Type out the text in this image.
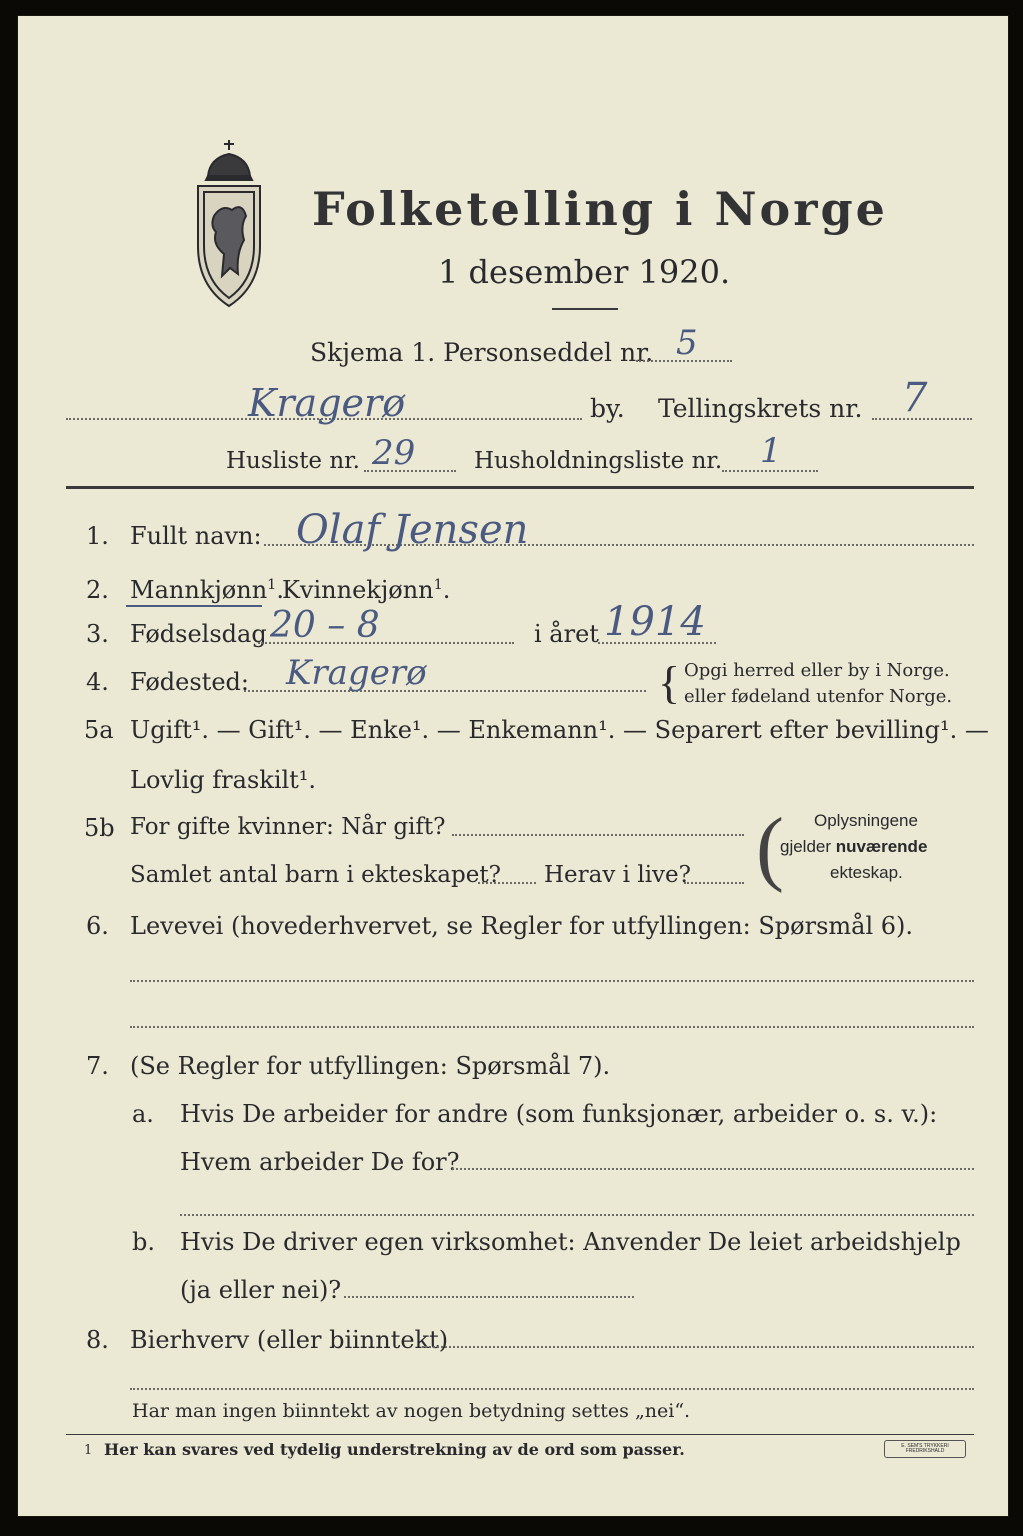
Folketelling i Norge
1 desember 1920.
Skjema 1. Personseddel nr. 5
Kragerø	by. Tellingskrets nr. 7
Husliste nr. 29	Husholdningsliste nr. 1
1. Fullt navn: Olaf Jensen
2. Mannkjønn$^1$.
Kvinnekjønn$^1$.
3. Fødselsdag 20 – 8	i året 1914
4. Fødested: Kragerø	{ Opgi herred eller by i Norge.
eller fødeland utenfor Norge.
5a Ugift¹. — Gift¹. — Enke¹. — Enkemann¹. — Separert efter bevilling¹. —
Lovlig fraskilt¹.
5b For gifte kvinner: Når gift?
Samlet antal barn i ekteskapet? Herav i live? ( Oplysningene
gjelder nuværende
ekteskap.
6. Levevei (hovederhvervet, se Regler for utfyllingen: Spørsmål 6).
7. (Se Regler for utfyllingen: Spørsmål 7).
a. Hvis De arbeider for andre (som funksjonær, arbeider o. s. v.):
Hvem arbeider De for?
b. Hvis De driver egen virksomhet: Anvender De leiet arbeidshjelp
(ja eller nei)?
8. Bierhverv (eller biinntekt)
Har man ingen biinntekt av nogen betydning settes „nei“.
1 Her kan svares ved tydelig understrekning av de ord som passer.	E. SEM'S TRYKKERI FREDRIKSHALD
